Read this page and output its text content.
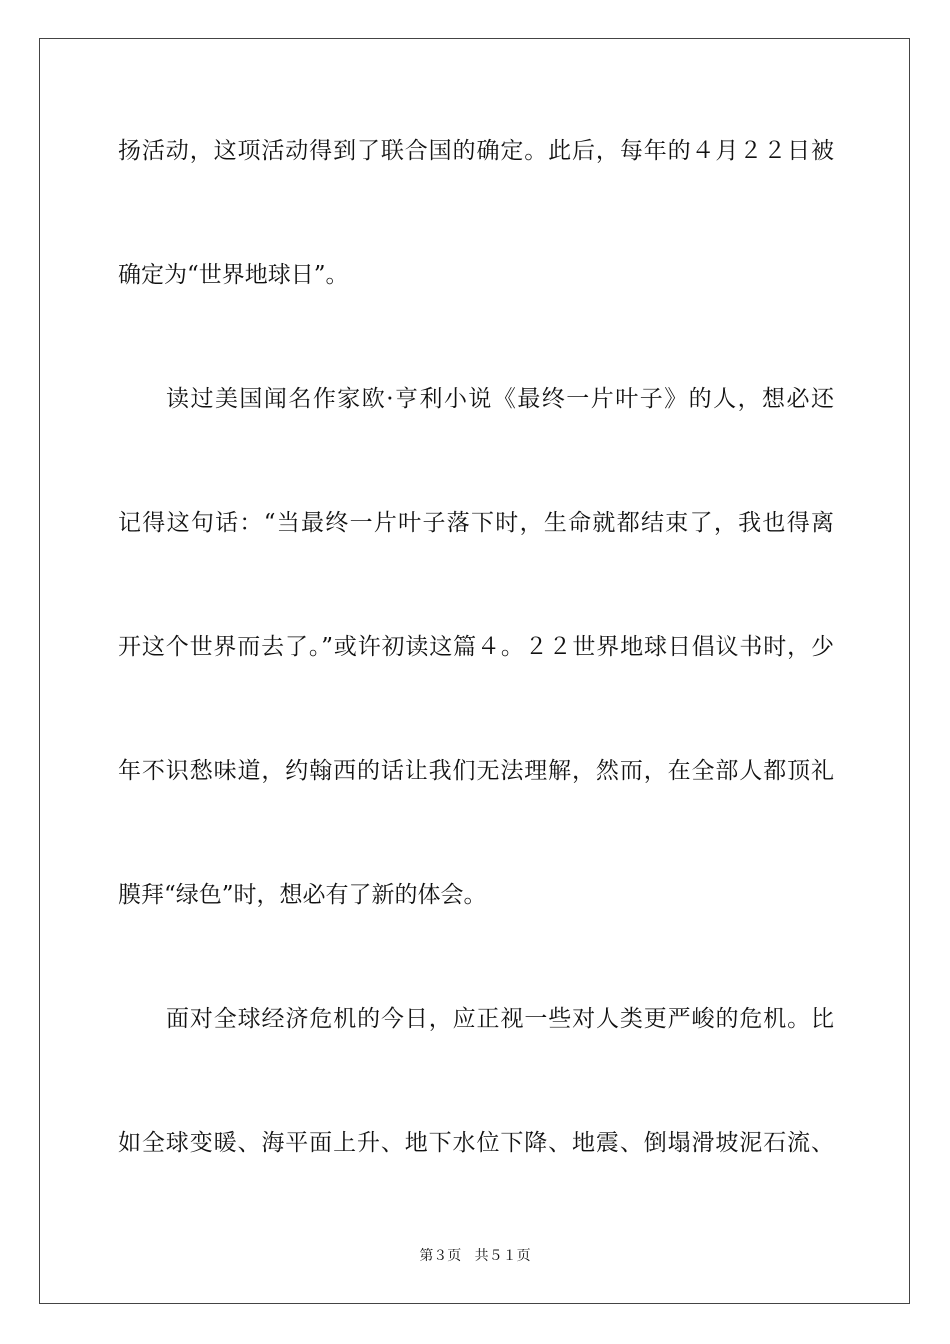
扬活动，这项活动得到了联合国的确定。此后，每年的４月２２日被
确定为“世界地球日”。
读过美国闻名作家欧·亨利小说《最终一片叶子》的人，想必还
记得这句话：“当最终一片叶子落下时，生命就都结束了，我也得离
开这个世界而去了。”或许初读这篇４。２２世界地球日倡议书时，少
年不识愁味道，约翰西的话让我们无法理解，然而，在全部人都顶礼
膜拜“绿色”时，想必有了新的体会。
面对全球经济危机的今日，应正视一些对人类更严峻的危机。比
如全球变暖、海平面上升、地下水位下降、地震、倒塌滑坡泥石流、
第３页 共５１页
